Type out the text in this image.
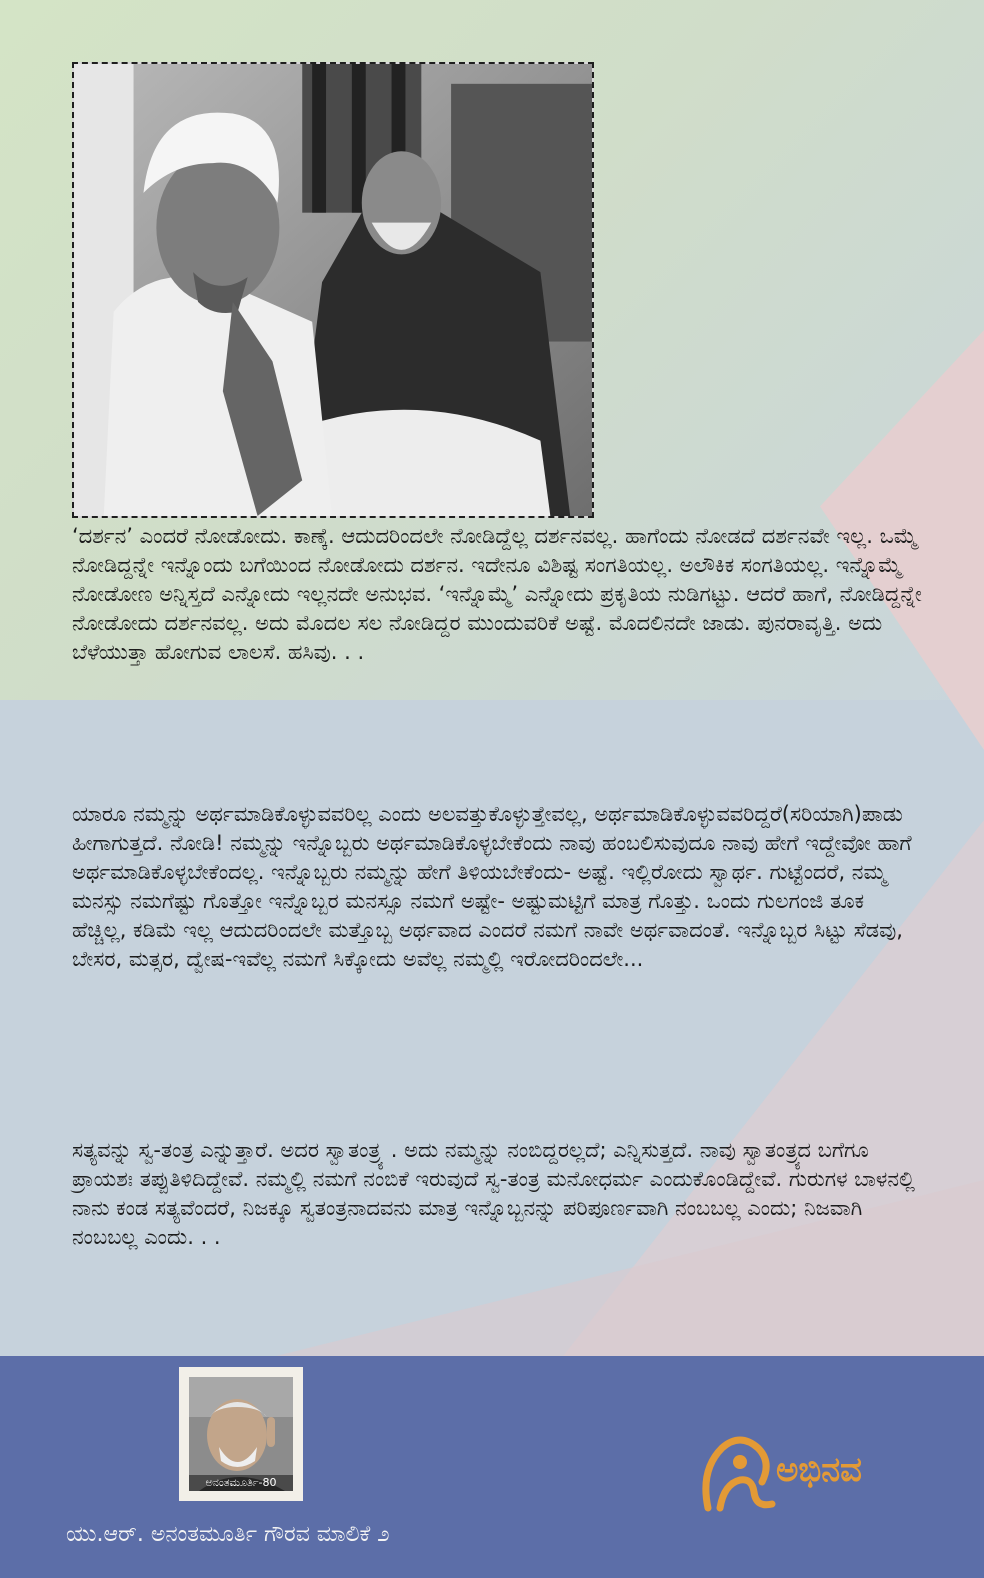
‘ದರ್ಶನ’ ಎಂದರೆ ನೋಡೋದು. ಕಾಣ್ಕೆ. ಆದುದರಿಂದಲೇ ನೋಡಿದ್ದೆಲ್ಲ ದರ್ಶನವಲ್ಲ. ಹಾಗೆಂದು ನೋಡದೆ ದರ್ಶನವೇ ಇಲ್ಲ. ಒಮ್ಮೆ ನೋಡಿದ್ದನ್ನೇ ಇನ್ನೊಂದು ಬಗೆಯಿಂದ ನೋಡೋದು ದರ್ಶನ. ಇದೇನೂ ವಿಶಿಷ್ಟ ಸಂಗತಿಯಲ್ಲ. ಅಲೌಕಿಕ ಸಂಗತಿಯಲ್ಲ. ಇನ್ನೊಮ್ಮೆ ನೋಡೋಣ ಅನ್ನಿಸ್ತದೆ ಎನ್ನೋದು ಇಲ್ಲನದೇ ಅನುಭವ. ‘ಇನ್ನೊಮ್ಮೆ’ ಎನ್ನೋದು ಪ್ರಕೃತಿಯ ನುಡಿಗಟ್ಟು. ಆದರೆ ಹಾಗೆ, ನೋಡಿದ್ದನ್ನೇ ನೋಡೋದು ದರ್ಶನವಲ್ಲ. ಅದು ಮೊದಲ ಸಲ ನೋಡಿದ್ದರ ಮುಂದುವರಿಕೆ ಅಷ್ಟೆ. ಮೊದಲಿನದೇ ಜಾಡು. ಪುನರಾವೃತ್ತಿ. ಅದು ಬೆಳೆಯುತ್ತಾ ಹೋಗುವ ಲಾಲಸೆ. ಹಸಿವು. . .

ಯಾರೂ ನಮ್ಮನ್ನು ಅರ್ಥಮಾಡಿಕೊಳ್ಳುವವರಿಲ್ಲ ಎಂದು ಅಲವತ್ತುಕೊಳ್ಳುತ್ತೇವಲ್ಲ, ಅರ್ಥಮಾಡಿಕೊಳ್ಳುವವರಿದ್ದರೆ(ಸರಿಯಾಗಿ)ಪಾಡು ಹೀಗಾಗುತ್ತದೆ. ನೋಡಿ! ನಮ್ಮನ್ನು ಇನ್ನೊಬ್ಬರು ಅರ್ಥಮಾಡಿಕೊಳ್ಳಬೇಕೆಂದು ನಾವು ಹಂಬಲಿಸುವುದೂ ನಾವು ಹೇಗೆ ಇದ್ದೇವೋ ಹಾಗೆ ಅರ್ಥಮಾಡಿಕೊಳ್ಳಬೇಕೆಂದಲ್ಲ. ಇನ್ನೊಬ್ಬರು ನಮ್ಮನ್ನು ಹೇಗೆ ತಿಳಿಯಬೇಕೆಂದು- ಅಷ್ಟೆ. ಇಲ್ಲಿರೋದು ಸ್ವಾರ್ಥ. ಗುಟ್ಟೆಂದರೆ, ನಮ್ಮ ಮನಸ್ಸು ನಮಗೆಷ್ಟು ಗೊತ್ತೋ ಇನ್ನೊಬ್ಬರ ಮನಸ್ಸೂ ನಮಗೆ ಅಷ್ಟೇ- ಅಷ್ಟುಮಟ್ಟಿಗೆ ಮಾತ್ರ ಗೊತ್ತು. ಒಂದು ಗುಲಗಂಜಿ ತೂಕ ಹೆಚ್ಚಿಲ್ಲ, ಕಡಿಮೆ ಇಲ್ಲ ಆದುದರಿಂದಲೇ ಮತ್ತೊಬ್ಬ ಅರ್ಥವಾದ ಎಂದರೆ ನಮಗೆ ನಾವೇ ಅರ್ಥವಾದಂತೆ. ಇನ್ನೊಬ್ಬರ ಸಿಟ್ಟು ಸೆಡವು, ಬೇಸರ, ಮತ್ಸರ, ದ್ವೇಷ-ಇವೆಲ್ಲ ನಮಗೆ ಸಿಕ್ಕೋದು ಅವೆಲ್ಲ ನಮ್ಮಲ್ಲಿ ಇರೋದರಿಂದಲೇ...

ಸತ್ಯವನ್ನು ಸ್ವ-ತಂತ್ರ ಎನ್ನುತ್ತಾರೆ. ಅದರ ಸ್ವಾತಂತ್ರ್ಯ . ಅದು ನಮ್ಮನ್ನು ನಂಬಿದ್ದರಲ್ಲದೆ; ಎನ್ನಿಸುತ್ತದೆ. ನಾವು ಸ್ವಾತಂತ್ರ್ಯದ ಬಗೆಗೂ ಪ್ರಾಯಶಃ ತಪ್ಪುತಿಳಿದಿದ್ದೇವೆ. ನಮ್ಮಲ್ಲಿ ನಮಗೆ ನಂಬಿಕೆ ಇರುವುದೆ ಸ್ವ-ತಂತ್ರ ಮನೋಧರ್ಮ ಎಂದುಕೊಂಡಿದ್ದೇವೆ. ಗುರುಗಳ ಬಾಳನಲ್ಲಿ ನಾನು ಕಂಡ ಸತ್ಯವೆಂದರೆ, ನಿಜಕ್ಕೂ ಸ್ವತಂತ್ರನಾದವನು ಮಾತ್ರ ಇನ್ನೊಬ್ಬನನ್ನು ಪರಿಪೂರ್ಣವಾಗಿ ನಂಬಬಲ್ಲ ಎಂದು; ನಿಜವಾಗಿ ನಂಬಬಲ್ಲ ಎಂದು. . .

ಅನಂತಮೂರ್ತಿ-80
ಯು.ಆರ್. ಅನಂತಮೂರ್ತಿ ಗೌರವ ಮಾಲಿಕೆ ೨
ಅಭಿನವ
